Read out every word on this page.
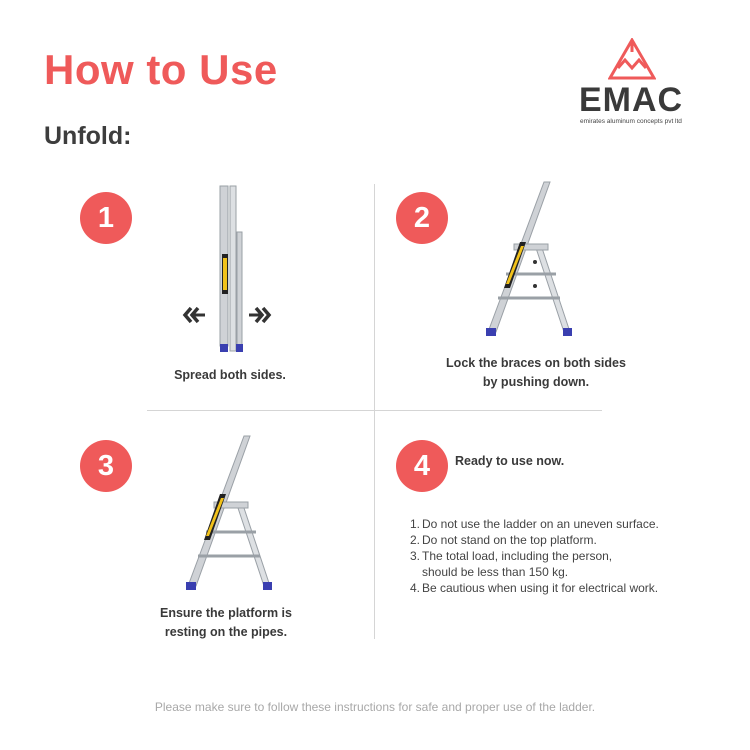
How to Use
Unfold:
EMAC
emirates aluminum concepts pvt ltd
1
Spread both sides.
2
Lock the braces on both sides
by pushing down.
3
Ensure the platform is
resting on the pipes.
4	Ready to use now.
1. Do not use the ladder on an uneven surface.
2. Do not stand on the top platform.
3. The total load, including the person,
should be less than 150 kg.
4. Be cautious when using it for electrical work.
Please make sure to follow these instructions for safe and proper use of the ladder.
